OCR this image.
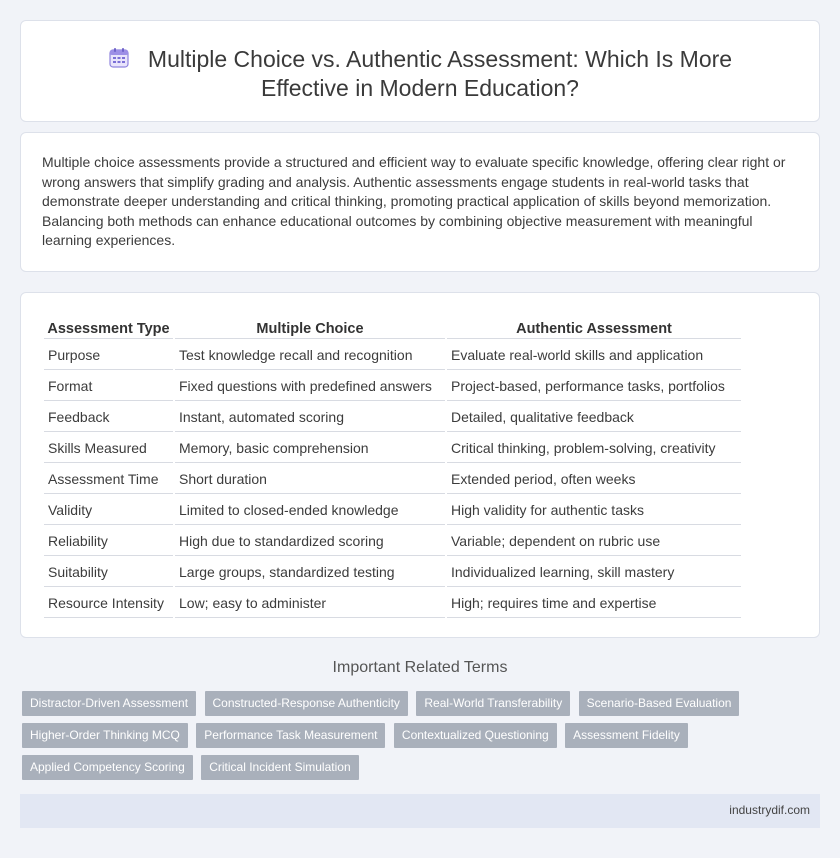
Multiple Choice vs. Authentic Assessment: Which Is More
Effective in Modern Education?

Multiple choice assessments provide a structured and efficient way to evaluate specific knowledge, offering clear right or wrong answers that simplify grading and analysis. Authentic assessments engage students in real-world tasks that demonstrate deeper understanding and critical thinking, promoting practical application of skills beyond memorization. Balancing both methods can enhance educational outcomes by combining objective measurement with meaningful learning experiences.

Assessment Type	Multiple Choice	Authentic Assessment
Purpose	Test knowledge recall and recognition	Evaluate real-world skills and application
Format	Fixed questions with predefined answers	Project-based, performance tasks, portfolios
Feedback	Instant, automated scoring	Detailed, qualitative feedback
Skills Measured	Memory, basic comprehension	Critical thinking, problem-solving, creativity
Assessment Time	Short duration	Extended period, often weeks
Validity	Limited to closed-ended knowledge	High validity for authentic tasks
Reliability	High due to standardized scoring	Variable; dependent on rubric use
Suitability	Large groups, standardized testing	Individualized learning, skill mastery
Resource Intensity	Low; easy to administer	High; requires time and expertise
Important Related Terms
Distractor-Driven Assessment Constructed-Response Authenticity Real-World Transferability Scenario-Based Evaluation Higher-Order Thinking MCQ Performance Task Measurement Contextualized Questioning Assessment Fidelity Applied Competency Scoring Critical Incident Simulation
industrydif.com
